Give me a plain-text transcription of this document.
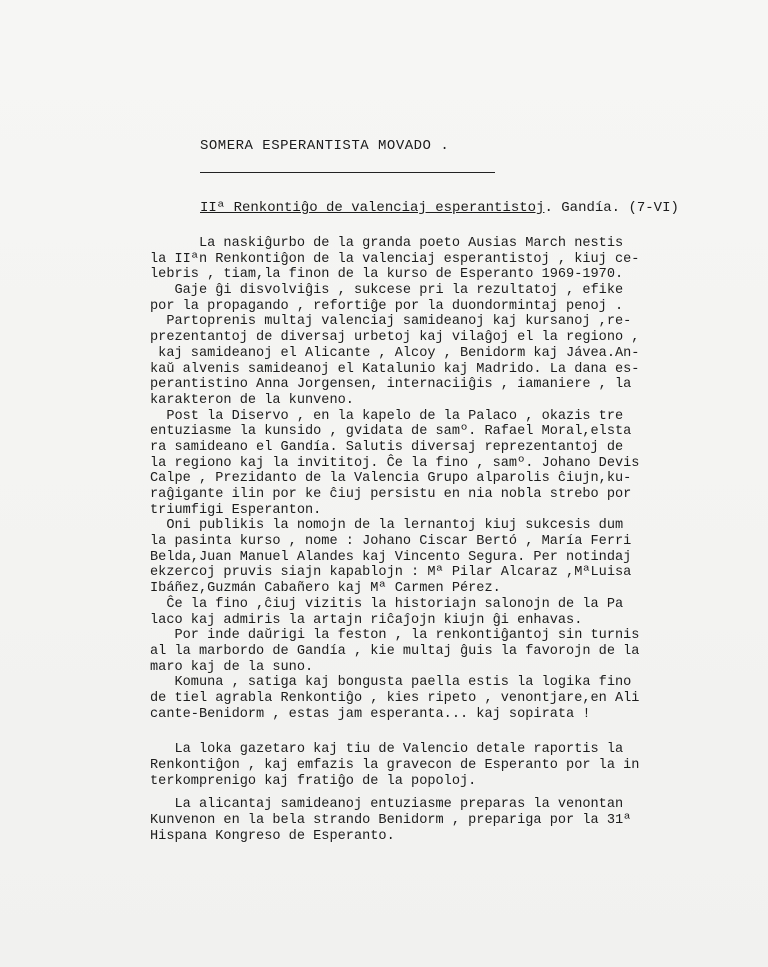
SOMERA ESPERANTISTA MOVADO .
IIª Renkontiĝo de valenciaj esperantistoj. Gandía. (7-VI)
La naskiĝurbo de la granda poeto Ausias March nestis
la IIªn Renkontiĝon de la valenciaj esperantistoj , kiuj ce-
lebris , tiam,la finon de la kurso de Esperanto 1969-1970.
Gaje ĝi disvolviĝis , sukcese pri la rezultatoj , efike
por la propagando , refortiĝe por la duondormintaj penoj .
Partoprenis multaj valenciaj samideanoj kaj kursanoj ,re-
prezentantoj de diversaj urbetoj kaj vilaĝoj el la regiono ,
kaj samideanoj el Alicante , Alcoy , Benidorm kaj Jávea.An-
kaŭ alvenis samideanoj el Katalunio kaj Madrido. La dana es-
perantistino Anna Jorgensen, internaciiĝis , iamaniere , la
karakteron de la kunveno.
Post la Diservo , en la kapelo de la Palaco , okazis tre
entuziasme la kunsido , gvidata de samº. Rafael Moral,elsta
ra samideano el Gandía. Salutis diversaj reprezentantoj de
la regiono kaj la invititoj. Ĉe la fino , samº. Johano Devis
Calpe , Prezidanto de la Valencia Grupo alparolis ĉiujn,ku-
raĝigante ilin por ke ĉiuj persistu en nia nobla strebo por
triumfigi Esperanton.
Oni publikis la nomojn de la lernantoj kiuj sukcesis dum
la pasinta kurso , nome : Johano Ciscar Bertó , María Ferri
Belda,Juan Manuel Alandes kaj Vincento Segura. Per notindaj
ekzercoj pruvis siajn kapablojn : Mª Pilar Alcaraz ,MªLuisa
Ibáñez,Guzmán Cabañero kaj Mª Carmen Pérez.
Ĉe la fino ,ĉiuj vizitis la historiajn salonojn de la Pa
laco kaj admiris la artajn riĉaĵojn kiujn ĝi enhavas.
Por inde daŭrigi la feston , la renkontiĝantoj sin turnis
al la marbordo de Gandía , kie multaj ĝuis la favorojn de la
maro kaj de la suno.
Komuna , satiga kaj bongusta paella estis la logika fino
de tiel agrabla Renkontiĝo , kies ripeto , venontjare,en Ali
cante-Benidorm , estas jam esperanta... kaj sopirata !
La loka gazetaro kaj tiu de Valencio detale raportis la
Renkontiĝon , kaj emfazis la gravecon de Esperanto por la in
terkomprenigo kaj fratiĝo de la popoloj.
La alicantaj samideanoj entuziasme preparas la venontan
Kunvenon en la bela strando Benidorm , prepariga por la 31ª
Hispana Kongreso de Esperanto.
